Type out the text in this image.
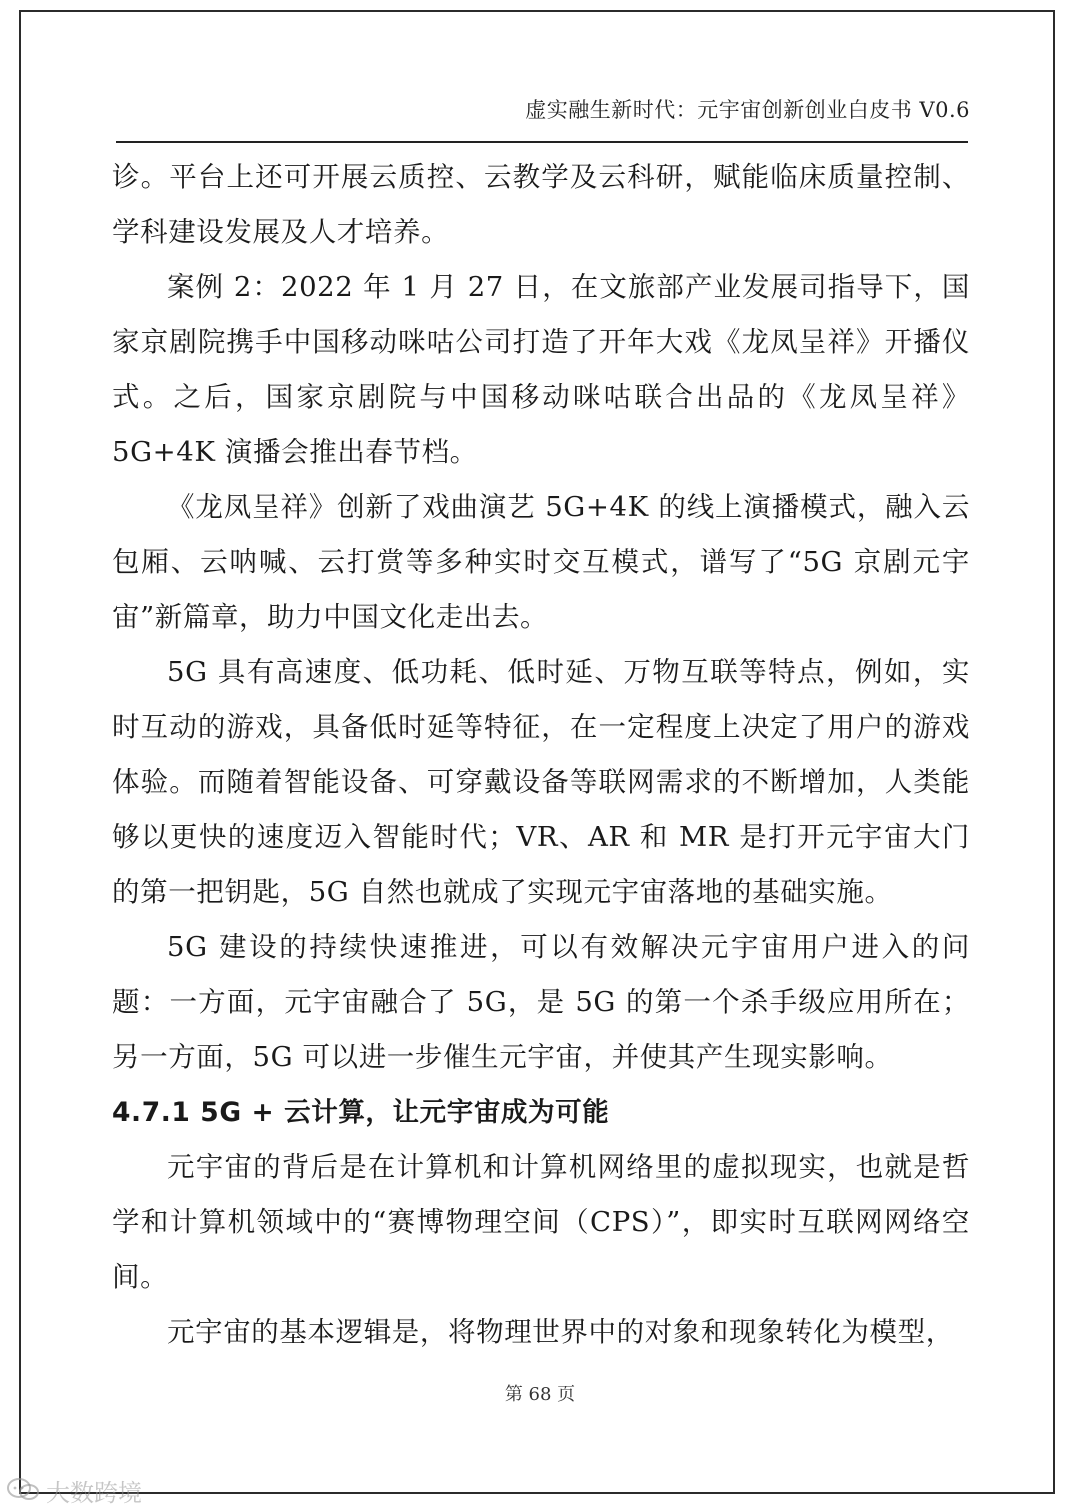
虚实融生新时代：元宇宙创新创业白皮书 V0.6

诊。平台上还可开展云质控、云教学及云科研，赋能临床质量控制、学科建设发展及人才培养。

案例 2：2022 年 1 月 27 日，在文旅部产业发展司指导下，国家京剧院携手中国移动咪咕公司打造了开年大戏《龙凤呈祥》开播仪式。之后，国家京剧院与中国移动咪咕联合出品的《龙凤呈祥》5G+4K 演播会推出春节档。

《龙凤呈祥》创新了戏曲演艺 5G+4K 的线上演播模式，融入云包厢、云呐喊、云打赏等多种实时交互模式，谱写了“5G 京剧元宇宙”新篇章，助力中国文化走出去。

5G 具有高速度、低功耗、低时延、万物互联等特点，例如，实时互动的游戏，具备低时延等特征，在一定程度上决定了用户的游戏体验。而随着智能设备、可穿戴设备等联网需求的不断增加，人类能够以更快的速度迈入智能时代；VR、AR 和 MR 是打开元宇宙大门的第一把钥匙，5G 自然也就成了实现元宇宙落地的基础实施。

5G 建设的持续快速推进，可以有效解决元宇宙用户进入的问题：一方面，元宇宙融合了 5G，是 5G 的第一个杀手级应用所在；另一方面，5G 可以进一步催生元宇宙，并使其产生现实影响。

4.7.1 5G + 云计算，让元宇宙成为可能

元宇宙的背后是在计算机和计算机网络里的虚拟现实，也就是哲学和计算机领域中的“赛博物理空间（CPS）”，即实时互联网网络空间。

元宇宙的基本逻辑是，将物理世界中的对象和现象转化为模型，

第 68 页
大数跨境
